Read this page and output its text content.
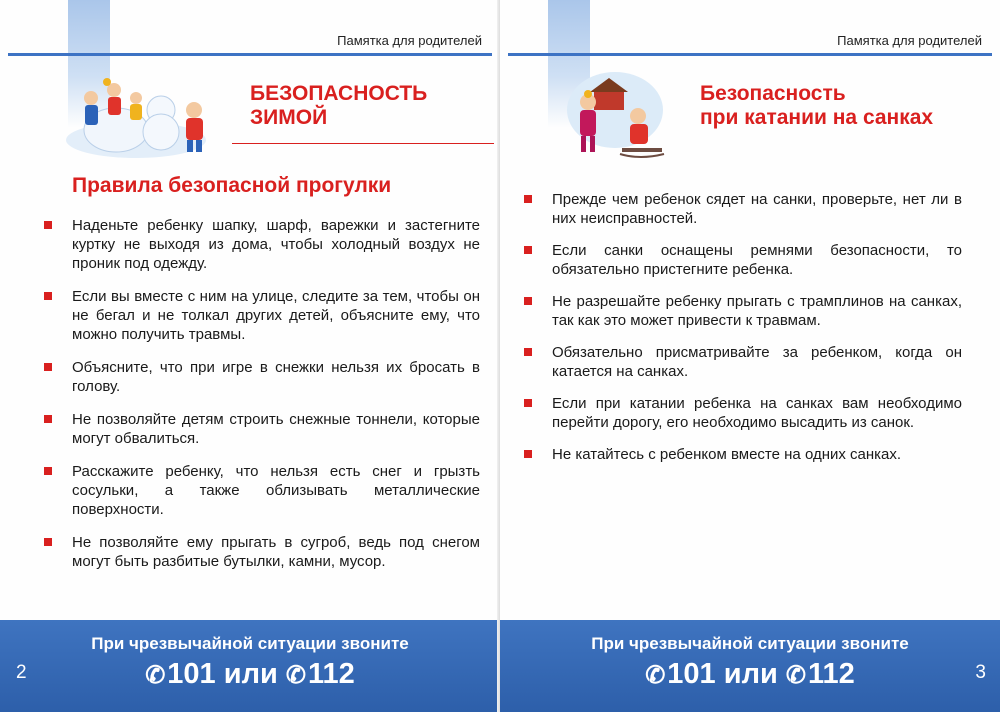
Памятка для родителей
БЕЗОПАСНОСТЬ
ЗИМОЙ
Правила безопасной прогулки
Наденьте ребенку шапку, шарф, варежки и застегните куртку не выходя из дома, чтобы холодный воздух не проник под одежду.
Если вы вместе с ним на улице, следите за тем, чтобы он не бегал и не толкал других детей, объясните ему, что можно получить травмы.
Объясните, что при игре в снежки нельзя их бросать в голову.
Не позволяйте детям строить снежные тоннели, которые могут обвалиться.
Расскажите ребенку, что нельзя есть снег и грызть сосульки, а также облизывать металлические поверхности.
Не позволяйте ему прыгать в сугроб, ведь под снегом могут быть разбитые бутылки, камни, мусор.
2
При чрезвычайной ситуации звоните
✆101 или ✆112
Памятка для родителей
Безопасность
при катании на санках
Прежде чем ребенок сядет на санки, проверьте, нет ли в них неисправностей.
Если санки оснащены ремнями безопасности, то обязательно пристегните ребенка.
Не разрешайте ребенку прыгать с трамплинов на санках, так как это может привести к травмам.
Обязательно присматривайте за ребенком, когда он катается на санках.
Если при катании ребенка на санках вам необходимо перейти дорогу, его необходимо высадить из санок.
Не катайтесь с ребенком вместе на одних санках.
3
При чрезвычайной ситуации звоните
✆101 или ✆112
